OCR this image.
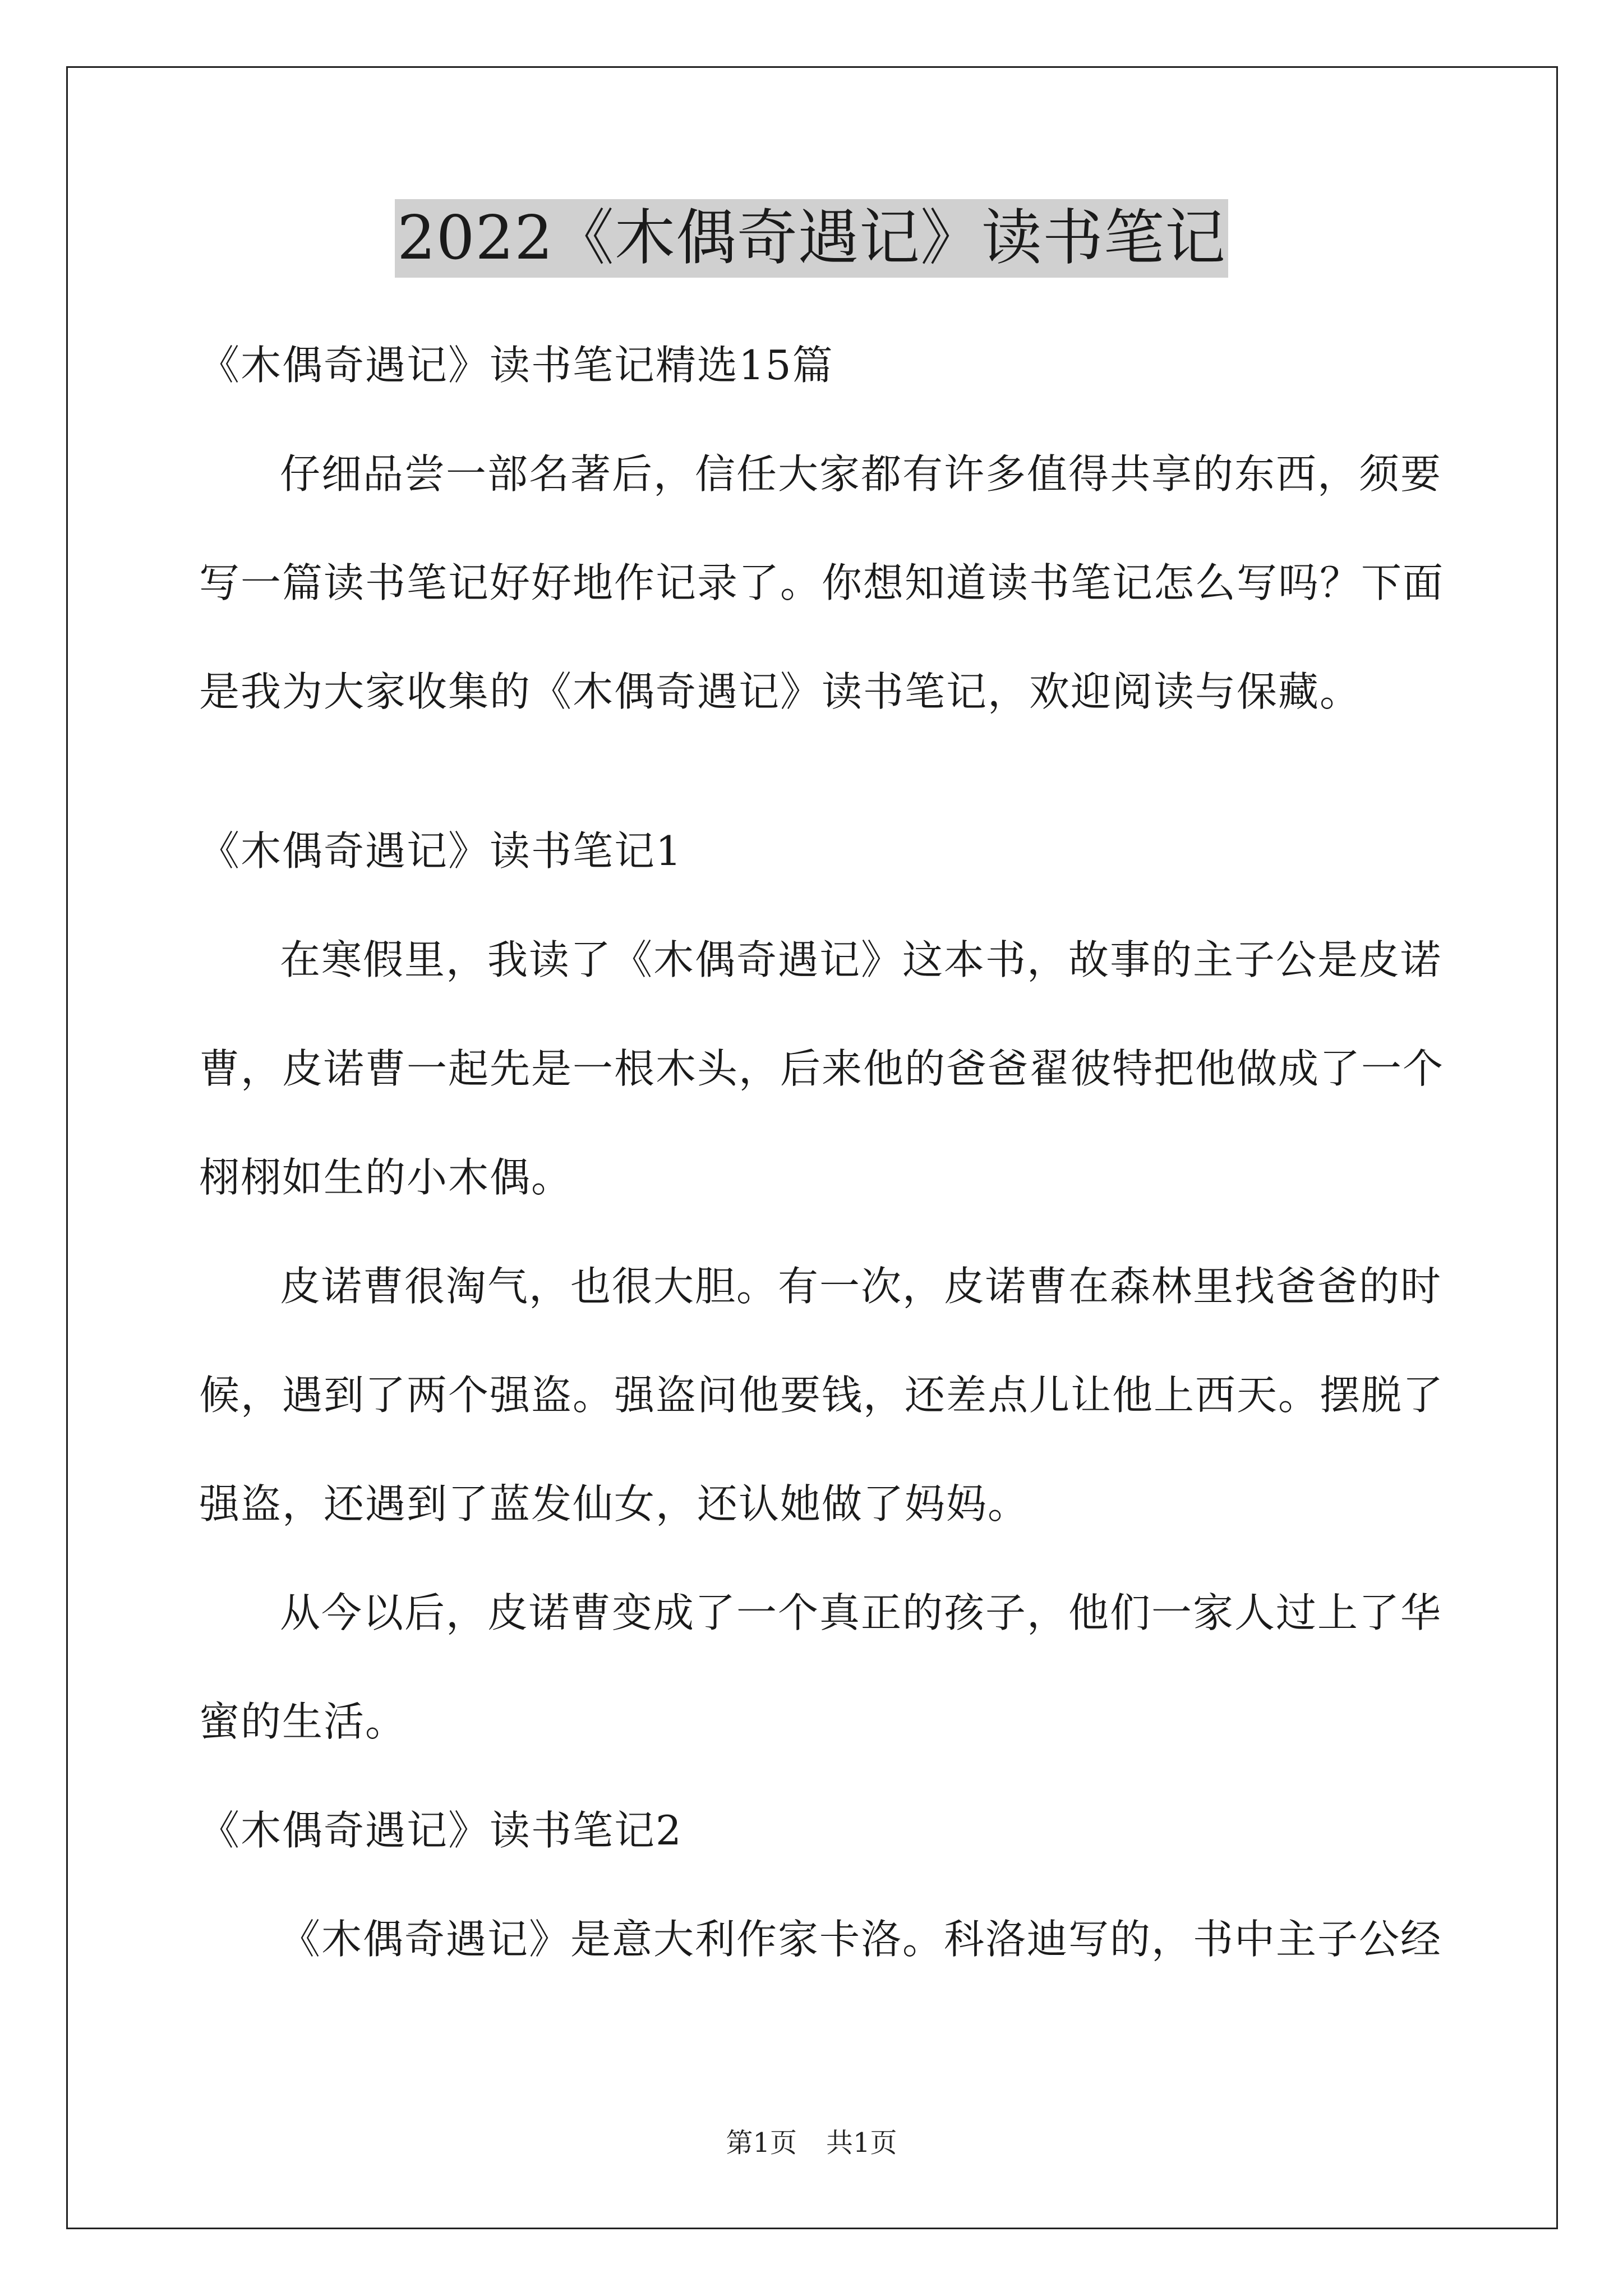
2022《木偶奇遇记》读书笔记
《木偶奇遇记》读书笔记精选15篇
仔细品尝一部名著后，信任大家都有许多值得共享的东西，须要
写一篇读书笔记好好地作记录了。你想知道读书笔记怎么写吗？下面
是我为大家收集的《木偶奇遇记》读书笔记，欢迎阅读与保藏。
《木偶奇遇记》读书笔记1
在寒假里，我读了《木偶奇遇记》这本书，故事的主子公是皮诺
曹，皮诺曹一起先是一根木头，后来他的爸爸翟彼特把他做成了一个
栩栩如生的小木偶。
皮诺曹很淘气，也很大胆。有一次，皮诺曹在森林里找爸爸的时
候，遇到了两个强盗。强盗问他要钱，还差点儿让他上西天。摆脱了
强盗，还遇到了蓝发仙女，还认她做了妈妈。
从今以后，皮诺曹变成了一个真正的孩子，他们一家人过上了华
蜜的生活。
《木偶奇遇记》读书笔记2
《木偶奇遇记》是意大利作家卡洛。科洛迪写的，书中主子公经
第1页 共1页
